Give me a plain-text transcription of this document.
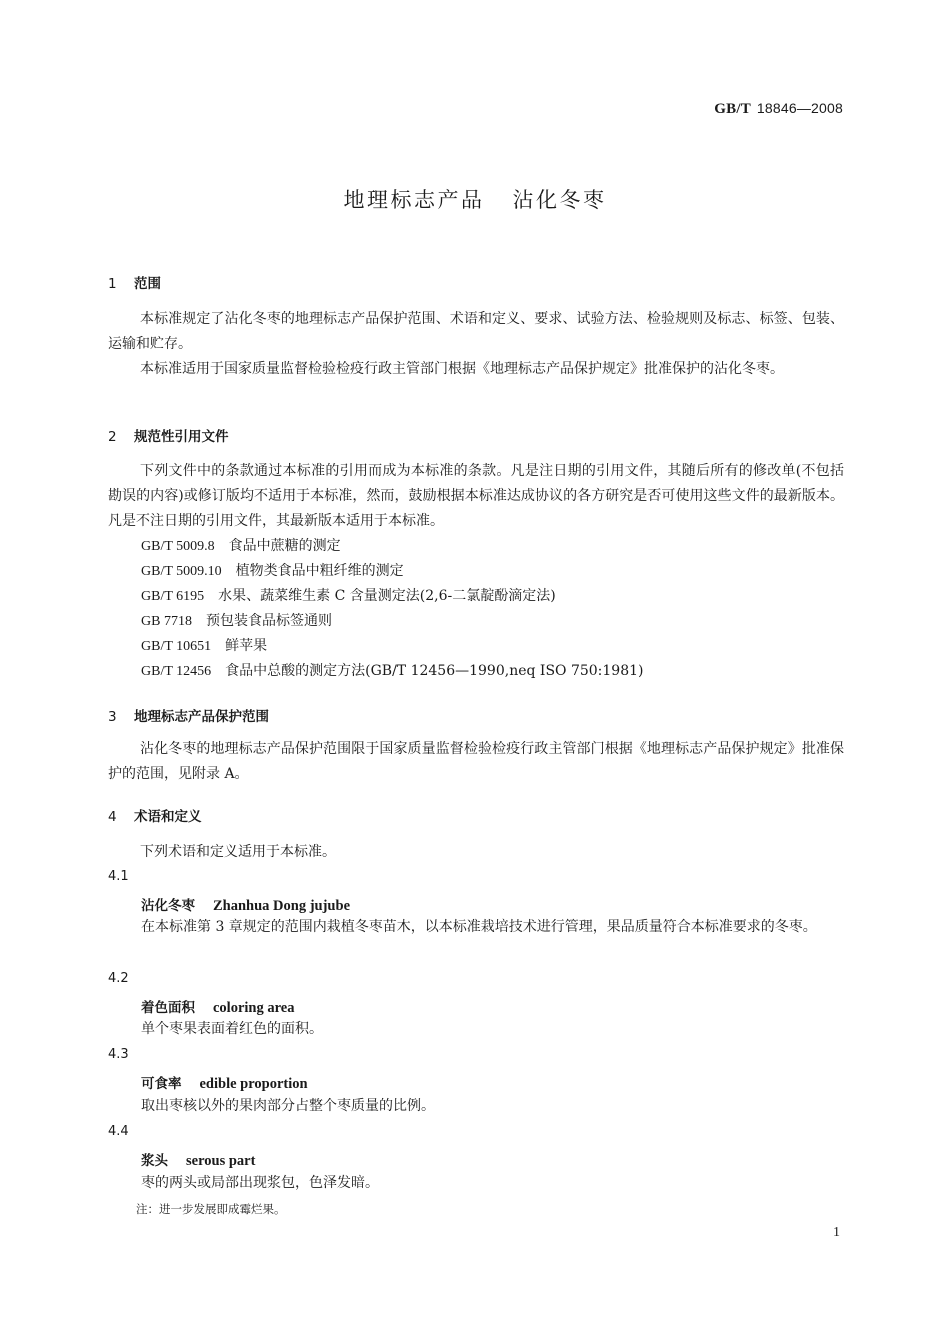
GB/T 18846—2008
地理标志产品 沾化冬枣
1 范围
本标准规定了沾化冬枣的地理标志产品保护范围、术语和定义、要求、试验方法、检验规则及标志、标签、包装、运输和贮存。
本标准适用于国家质量监督检验检疫行政主管部门根据《地理标志产品保护规定》批准保护的沾化冬枣。
2 规范性引用文件
下列文件中的条款通过本标准的引用而成为本标准的条款。凡是注日期的引用文件，其随后所有的修改单(不包括勘误的内容)或修订版均不适用于本标准，然而，鼓励根据本标准达成协议的各方研究是否可使用这些文件的最新版本。凡是不注日期的引用文件，其最新版本适用于本标准。
GB/T 5009.8 食品中蔗糖的测定
GB/T 5009.10 植物类食品中粗纤维的测定
GB/T 6195 水果、蔬菜维生素 C 含量测定法(2,6-二氯靛酚滴定法)
GB 7718 预包装食品标签通则
GB/T 10651 鲜苹果
GB/T 12456 食品中总酸的测定方法(GB/T 12456—1990,neq ISO 750:1981)
3 地理标志产品保护范围
沾化冬枣的地理标志产品保护范围限于国家质量监督检验检疫行政主管部门根据《地理标志产品保护规定》批准保护的范围，见附录 A。
4 术语和定义
下列术语和定义适用于本标准。
4.1
沾化冬枣 Zhanhua Dong jujube
在本标准第 3 章规定的范围内栽植冬枣苗木，以本标准栽培技术进行管理，果品质量符合本标准要求的冬枣。
4.2
着色面积 coloring area
单个枣果表面着红色的面积。
4.3
可食率 edible proportion
取出枣核以外的果肉部分占整个枣质量的比例。
4.4
浆头 serous part
枣的两头或局部出现浆包，色泽发暗。
注：进一步发展即成霉烂果。
1
